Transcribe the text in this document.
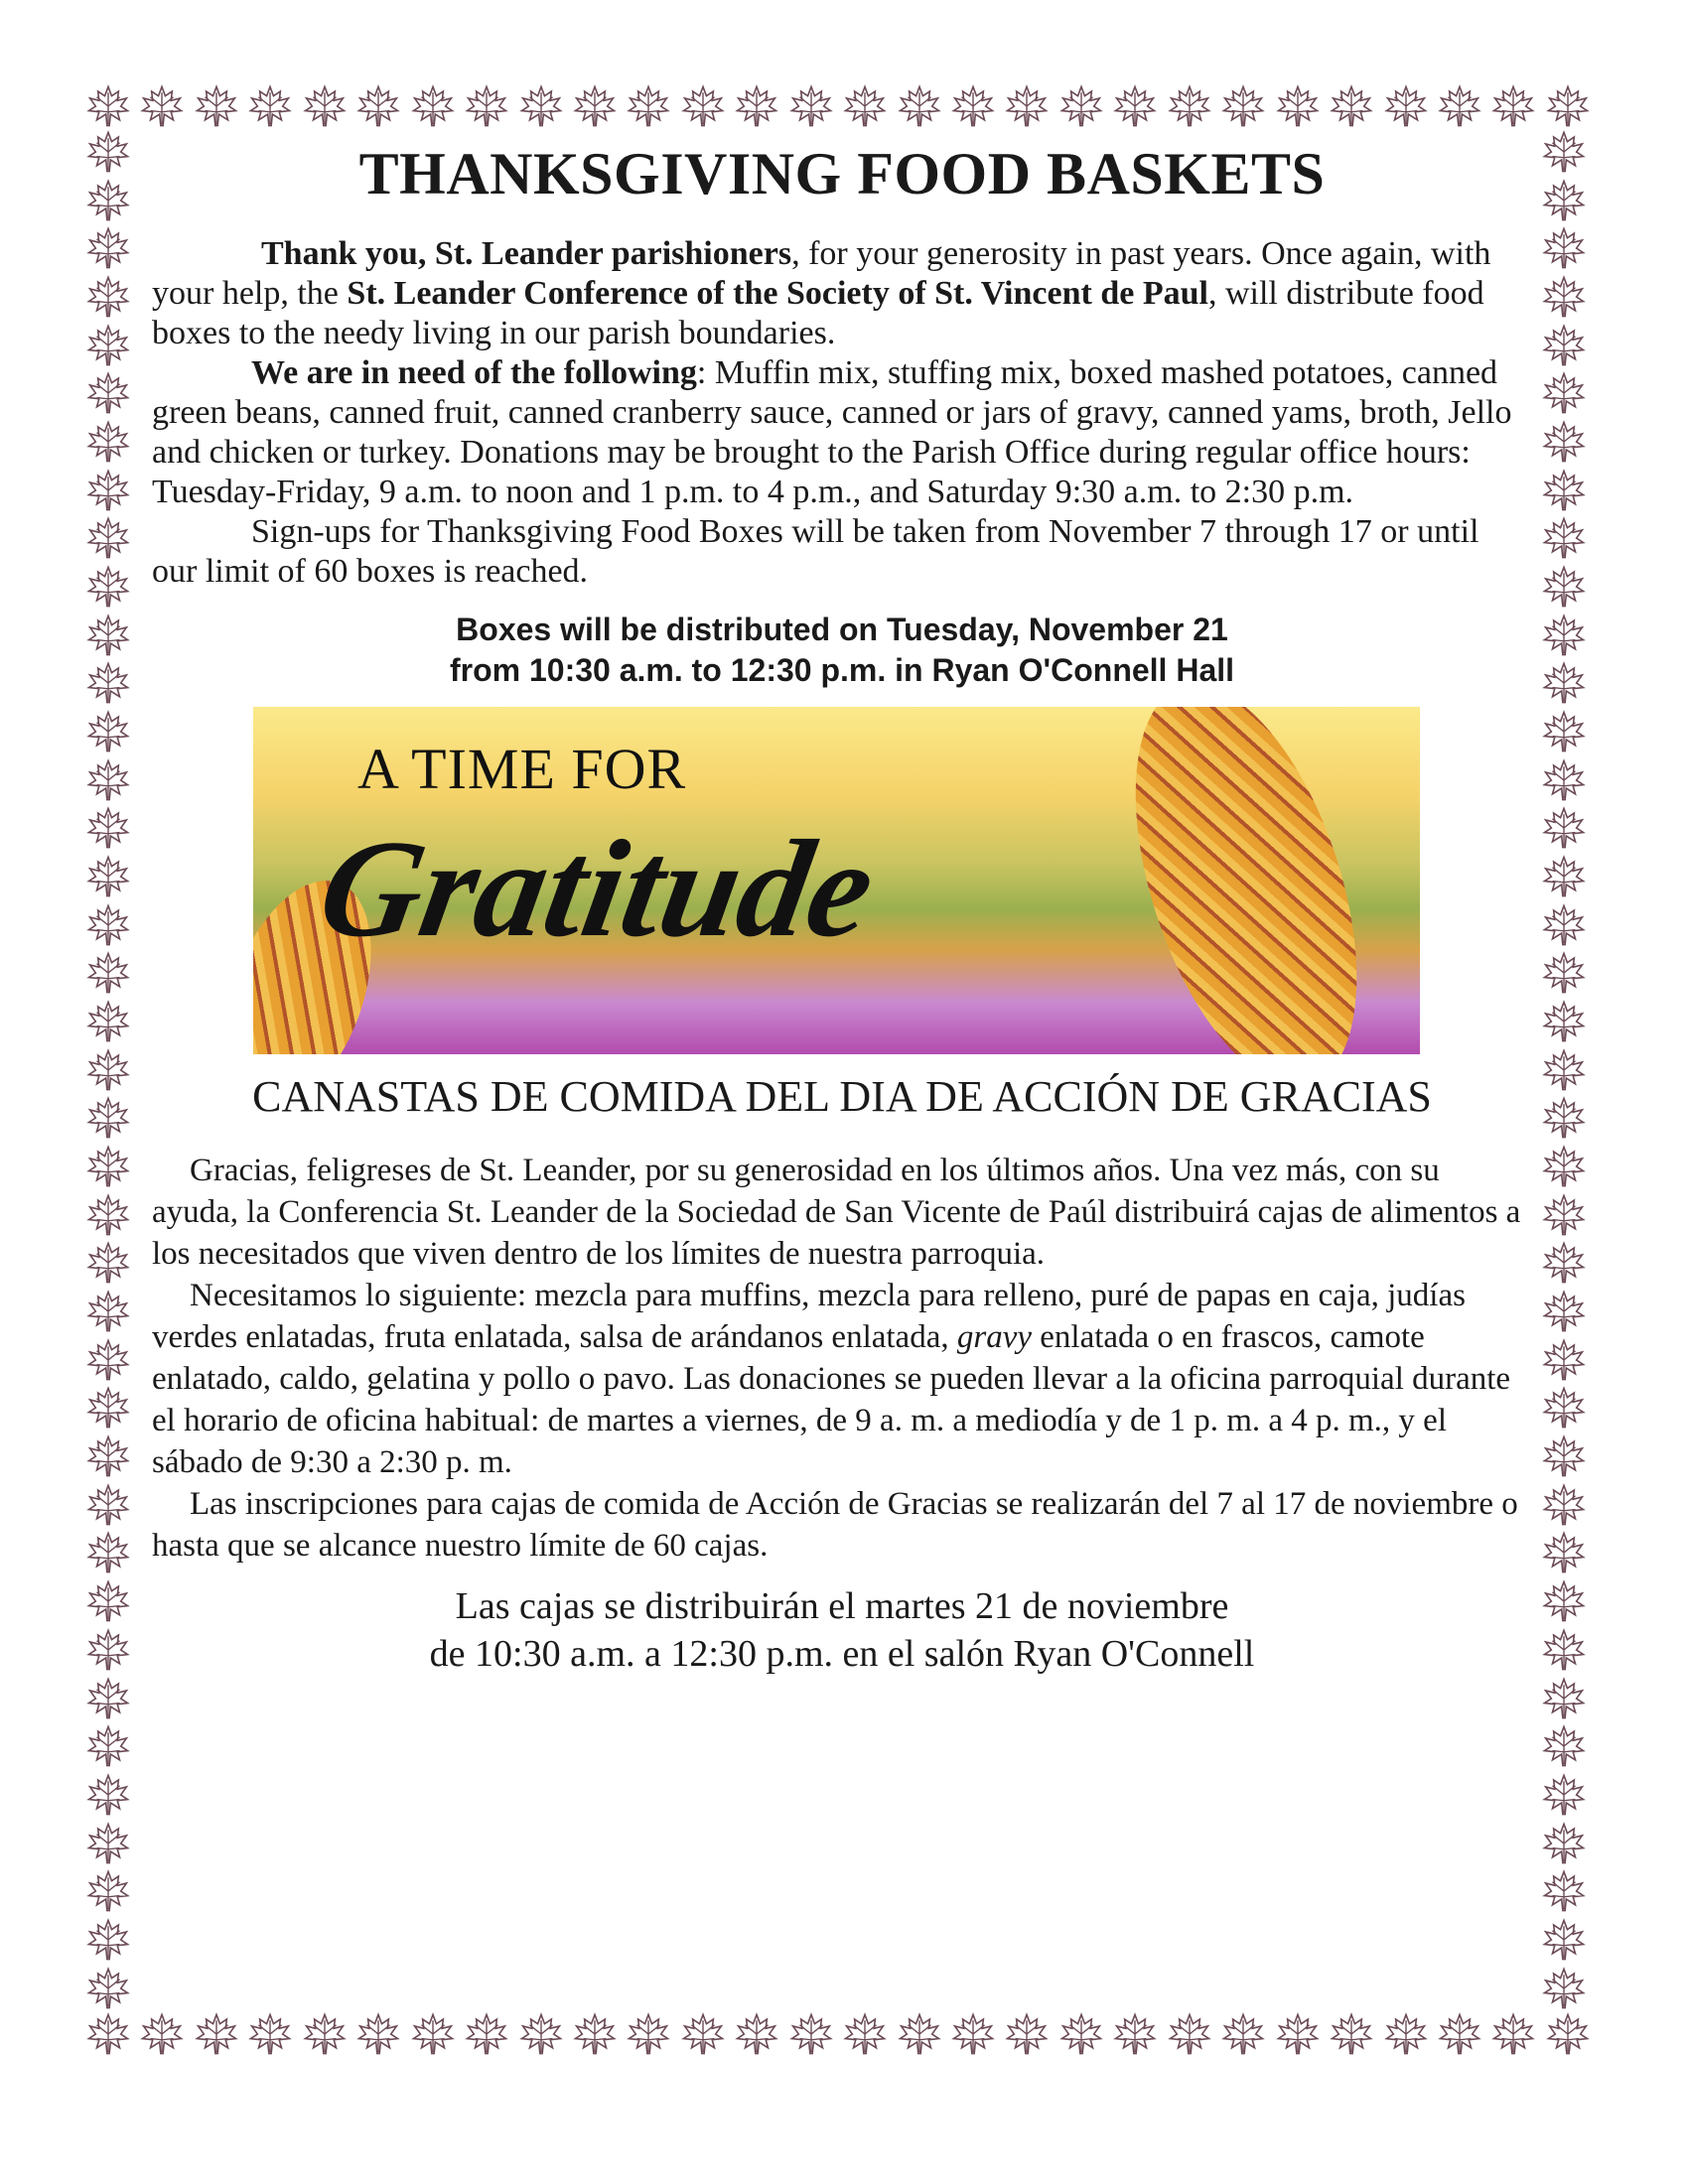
THANKSGIVING FOOD BASKETS

Thank you, St. Leander parishioners, for your generosity in past years. Once again, with your help, the St. Leander Conference of the Society of St. Vincent de Paul, will distribute food boxes to the needy living in our parish boundaries.

We are in need of the following: Muffin mix, stuffing mix, boxed mashed potatoes, canned green beans, canned fruit, canned cranberry sauce, canned or jars of gravy, canned yams, broth, Jello and chicken or turkey. Donations may be brought to the Parish Office during regular office hours: Tuesday-Friday, 9 a.m. to noon and 1 p.m. to 4 p.m., and Saturday 9:30 a.m. to 2:30 p.m.

Sign-ups for Thanksgiving Food Boxes will be taken from November 7 through 17 or until our limit of 60 boxes is reached.

Boxes will be distributed on Tuesday, November 21
from 10:30 a.m. to 12:30 p.m. in Ryan O'Connell Hall
A TIME FOR
Gratitude
CANASTAS DE COMIDA DEL DIA DE ACCIÓN DE GRACIAS

Gracias, feligreses de St. Leander, por su generosidad en los últimos años. Una vez más, con su ayuda, la Conferencia St. Leander de la Sociedad de San Vicente de Paúl distribuirá cajas de alimentos a los necesitados que viven dentro de los límites de nuestra parroquia.

Necesitamos lo siguiente: mezcla para muffins, mezcla para relleno, puré de papas en caja, judías verdes enlatadas, fruta enlatada, salsa de arándanos enlatada, gravy enlatada o en frascos, camote enlatado, caldo, gelatina y pollo o pavo. Las donaciones se pueden llevar a la oficina parroquial durante el horario de oficina habitual: de martes a viernes, de 9 a. m. a mediodía y de 1 p. m. a 4 p. m., y el sábado de 9:30 a 2:30 p. m.

Las inscripciones para cajas de comida de Acción de Gracias se realizarán del 7 al 17 de noviembre o hasta que se alcance nuestro límite de 60 cajas.

Las cajas se distribuirán el martes 21 de noviembre
de 10:30 a.m. a 12:30 p.m. en el salón Ryan O'Connell
